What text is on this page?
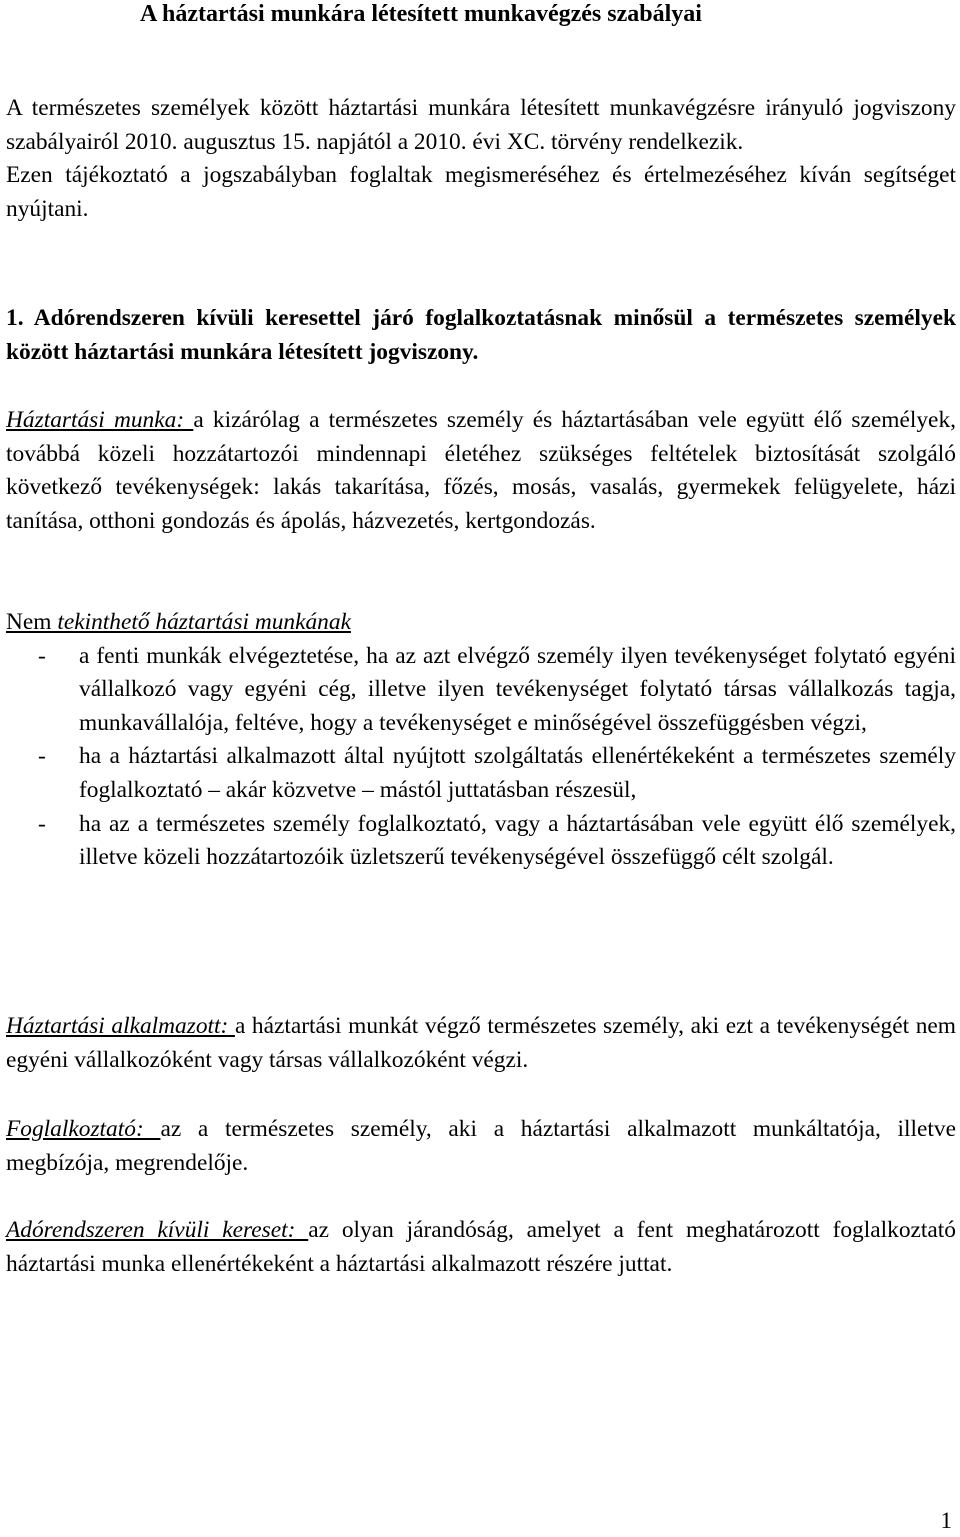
A háztartási munkára létesített munkavégzés szabályai

A természetes személyek között háztartási munkára létesített munkavégzésre irányuló jogviszony szabályairól 2010. augusztus 15. napjától a 2010. évi XC. törvény rendelkezik.

Ezen tájékoztató a jogszabályban foglaltak megismeréséhez és értelmezéséhez kíván segítséget nyújtani.

1. Adórendszeren kívüli keresettel járó foglalkoztatásnak minősül a természetes személyek között háztartási munkára létesített jogviszony.

Háztartási munka: a kizárólag a természetes személy és háztartásában vele együtt élő személyek, továbbá közeli hozzátartozói mindennapi életéhez szükséges feltételek biztosítását szolgáló következő tevékenységek: lakás takarítása, főzés, mosás, vasalás, gyermekek felügyelete, házi tanítása, otthoni gondozás és ápolás, házvezetés, kertgondozás.

Nem tekinthető háztartási munkának

- a fenti munkák elvégeztetése, ha az azt elvégző személy ilyen tevékenységet folytató egyéni vállalkozó vagy egyéni cég, illetve ilyen tevékenységet folytató társas vállalkozás tagja, munkavállalója, feltéve, hogy a tevékenységet e minőségével összefüggésben végzi,
- ha a háztartási alkalmazott által nyújtott szolgáltatás ellenértékeként a természetes személy foglalkoztató – akár közvetve – mástól juttatásban részesül,
- ha az a természetes személy foglalkoztató, vagy a háztartásában vele együtt élő személyek, illetve közeli hozzátartozóik üzletszerű tevékenységével összefüggő célt szolgál.

Háztartási alkalmazott: a háztartási munkát végző természetes személy, aki ezt a tevékenységét nem egyéni vállalkozóként vagy társas vállalkozóként végzi.

Foglalkoztató: az a természetes személy, aki a háztartási alkalmazott munkáltatója, illetve megbízója, megrendelője.

Adórendszeren kívüli kereset: az olyan járandóság, amelyet a fent meghatározott foglalkoztató háztartási munka ellenértékeként a háztartási alkalmazott részére juttat.

1
